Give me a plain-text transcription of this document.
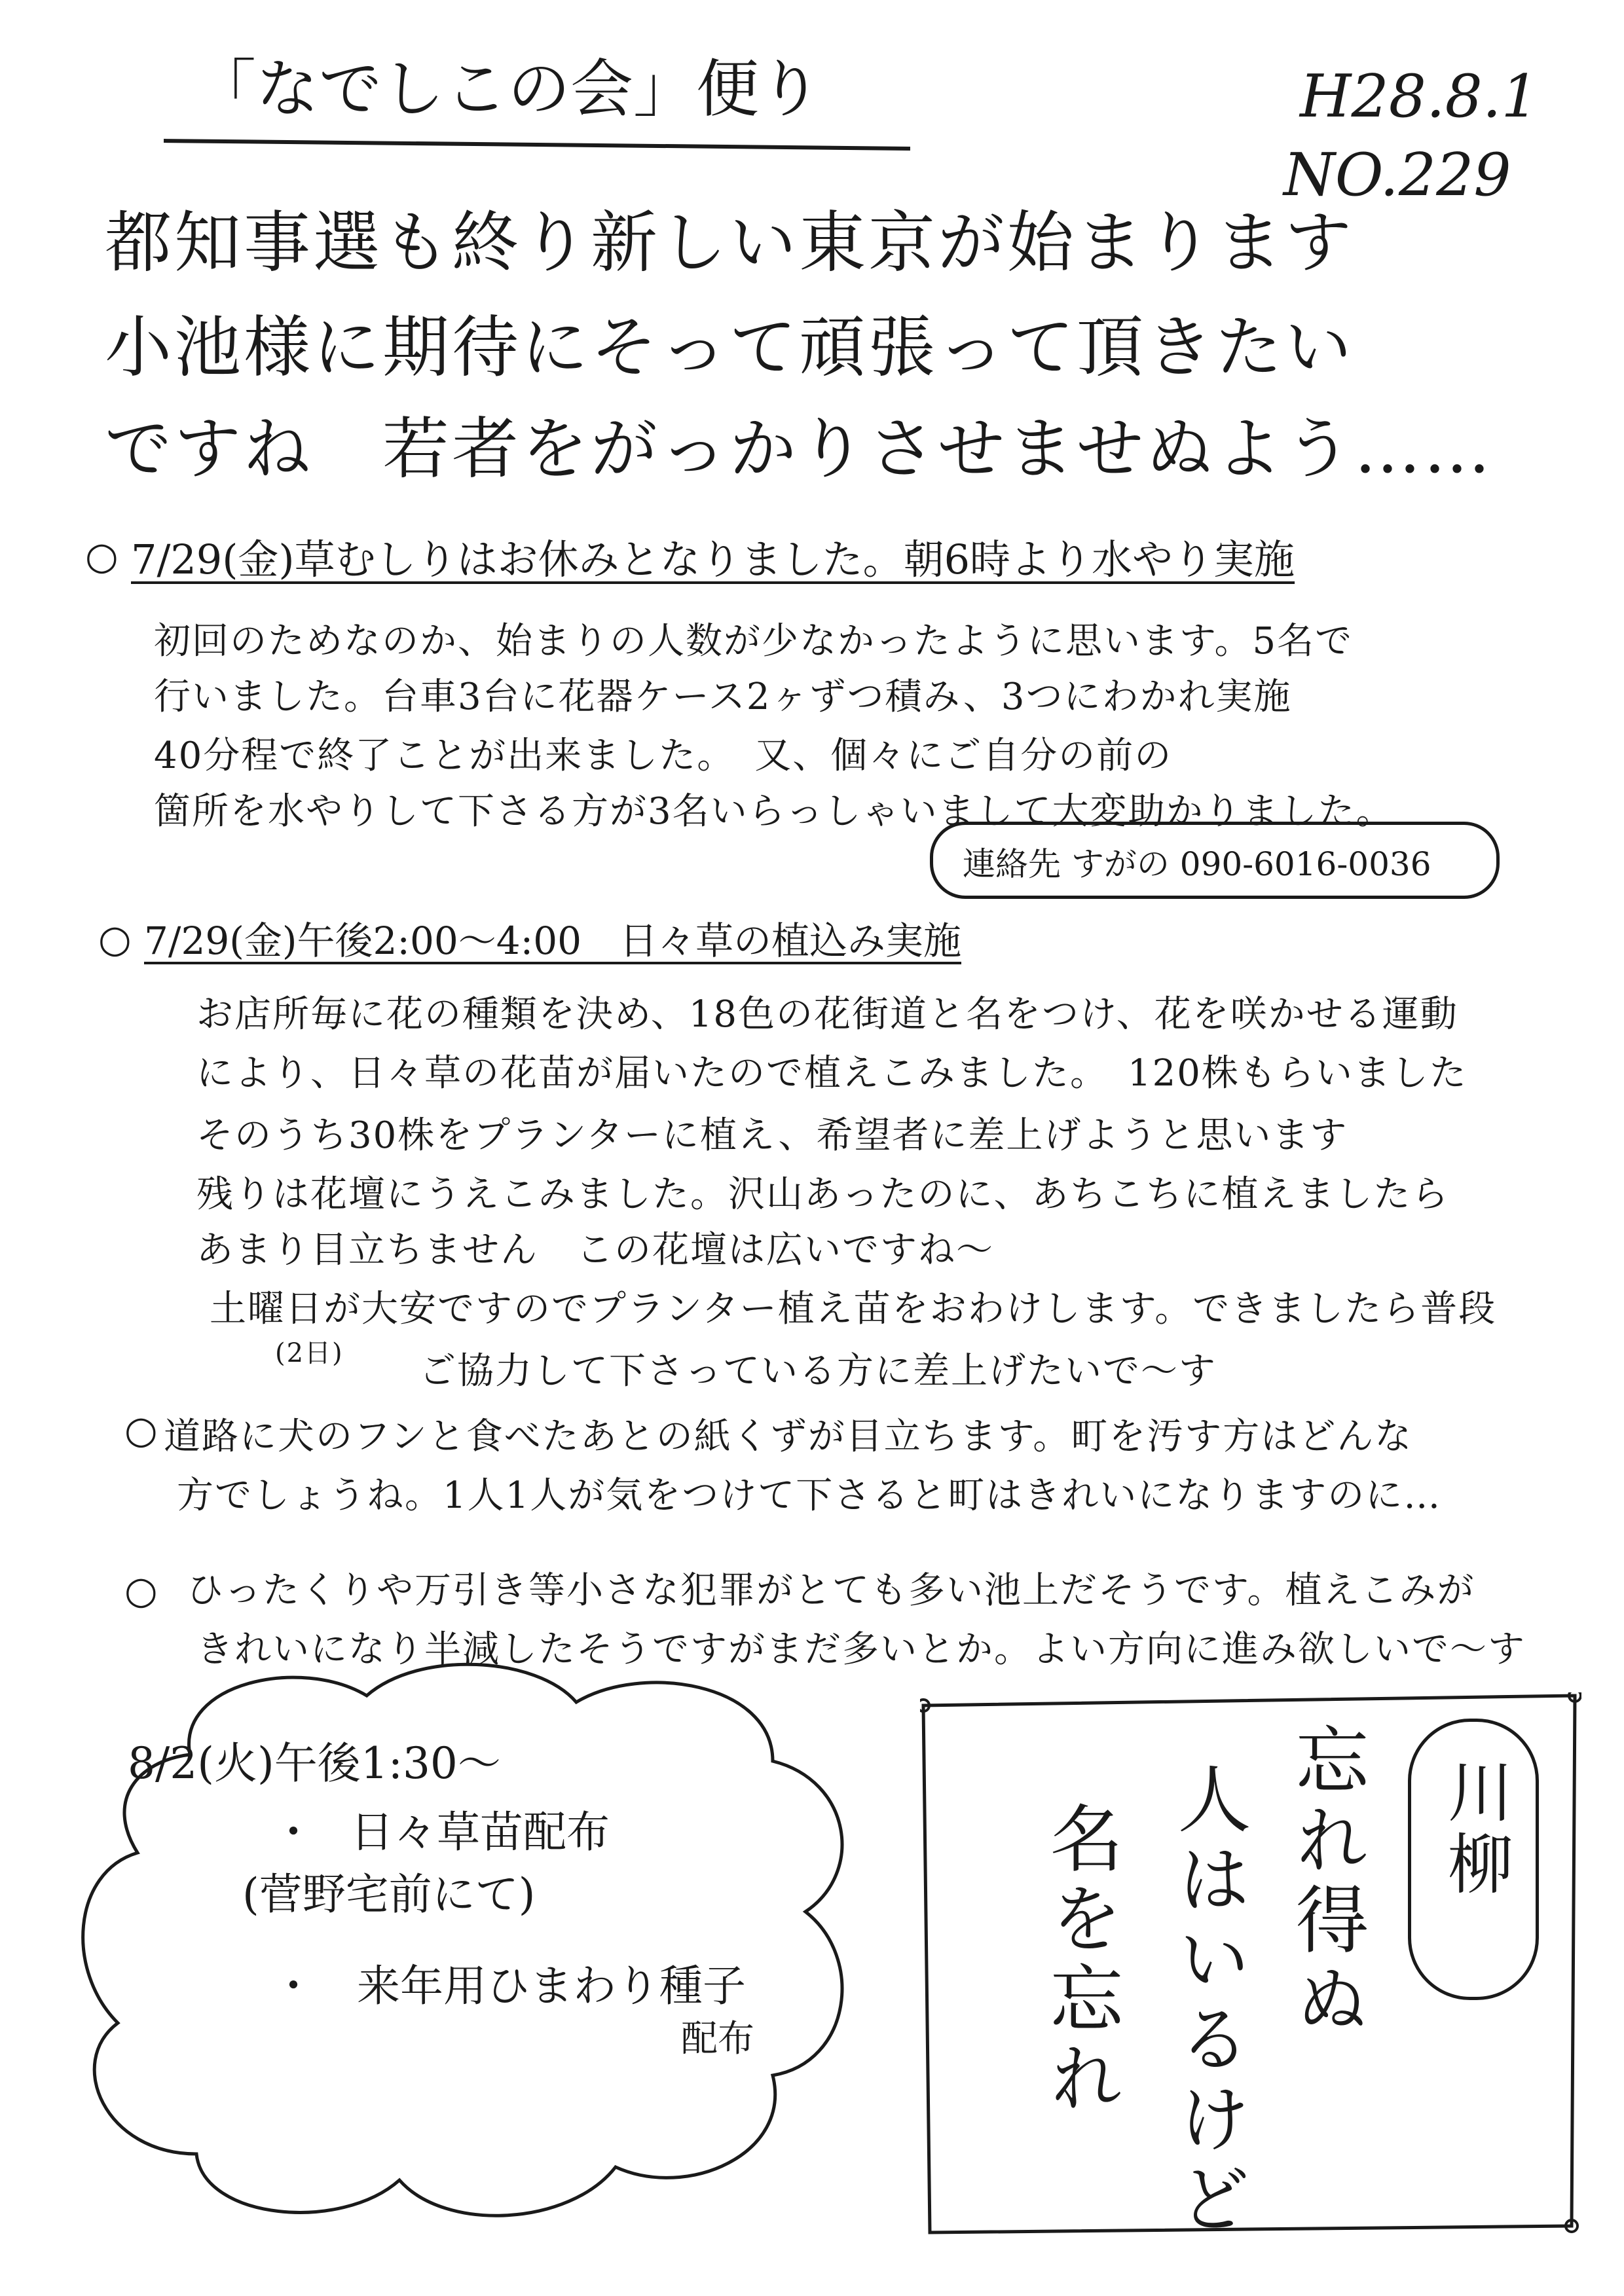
「なでしこの会」便り	H28.8.1
NO.229
都知事選も終り新しい東京が始まります
小池様に期待にそって頑張って頂きたい
ですね　若者をがっかりさせませぬよう……
○ 7/29(金)草むしりはお休みとなりました。朝6時より水やり実施
初回のためなのか、始まりの人数が少なかったように思います。5名で
行いました。台車3台に花器ケース2ヶずつ積み、3つにわかれ実施
40分程で終了ことが出来ました。　又、個々にご自分の前の
箇所を水やりして下さる方が3名いらっしゃいまして大変助かりました。
連絡先 すがの 090-6016-0036
○ 7/29(金)午後2:00～4:00　日々草の植込み実施
お店所毎に花の種類を決め、18色の花街道と名をつけ、花を咲かせる運動
により、日々草の花苗が届いたので植えこみました。　120株もらいました
そのうち30株をプランターに植え、希望者に差上げようと思います
残りは花壇にうえこみました。沢山あったのに、あちこちに植えましたら
あまり目立ちません　この花壇は広いですね～
土曜日が大安ですのでプランター植え苗をおわけします。できましたら普段
(2日) ご協力して下さっている方に差上げたいで～す
○ 道路に犬のフンと食べたあとの紙くずが目立ちます。町を汚す方はどんな
方でしょうね。1人1人が気をつけて下さると町はきれいになりますのに…
○ ひったくりや万引き等小さな犯罪がとても多い池上だそうです。植えこみが
きれいになり半減したそうですがまだ多いとか。よい方向に進み欲しいで～す
8/2(火)午後1:30～
・ 日々草苗配布
(菅野宅前にて)
・ 来年用ひまわり種子
配布
川柳
忘れ得ぬ
人はいるけど
名を忘れ
